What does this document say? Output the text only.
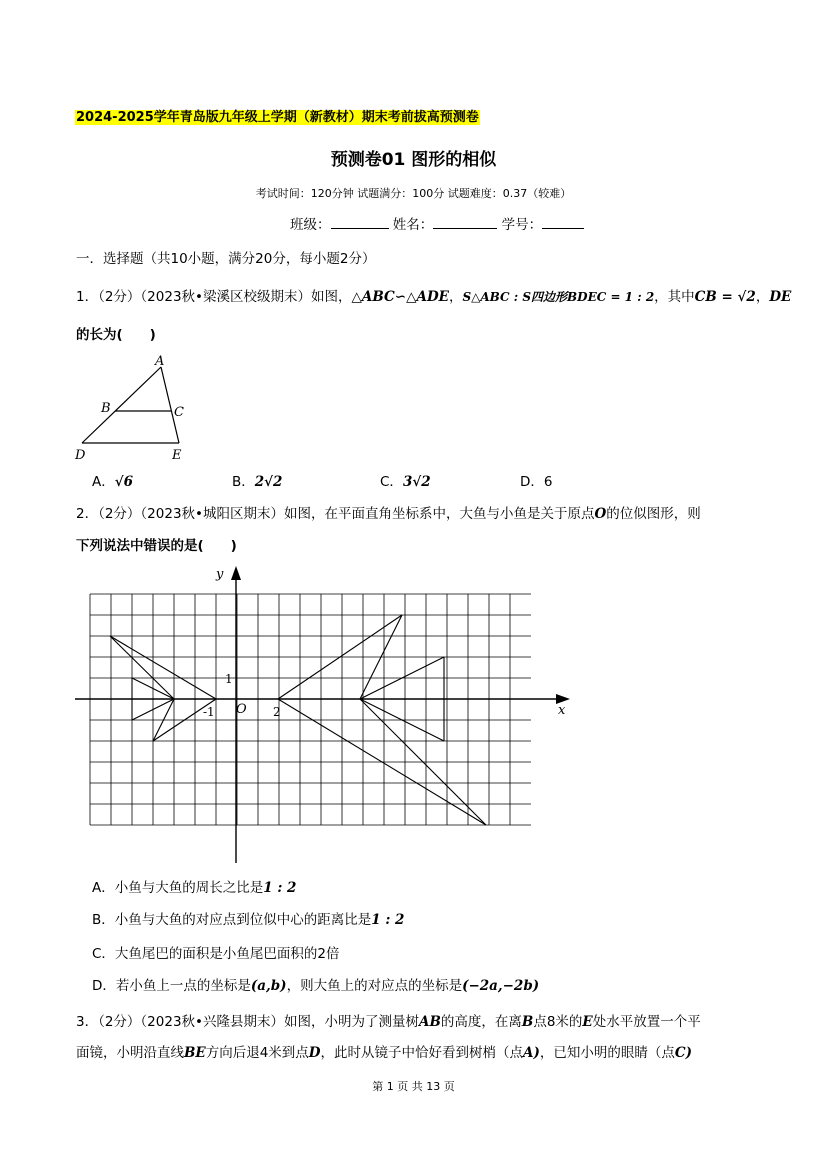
2024-2025学年青岛版九年级上学期（新教材）期末考前拔高预测卷
预测卷01 图形的相似
考试时间：120分钟 试题满分：100分 试题难度：0.37（较难）
班级：	姓名：	学号：
一．选择题（共10小题，满分20分，每小题2分）
1．（2分）（2023秋•梁溪区校级期末）如图，△ABC∽△ADE，S△ABC : S四边形BDEC = 1 : 2，其中CB = √2，DE
的长为(　　)
A
B	C
D	E
A．√6	B．2√2	C．3√2	D．6
2．（2分）（2023秋•城阳区期末）如图，在平面直角坐标系中，大鱼与小鱼是关于原点O的位似图形，则
下列说法中错误的是(　　)
y
x
O
1
-1	2
A．小鱼与大鱼的周长之比是1 : 2
B．小鱼与大鱼的对应点到位似中心的距离比是1 : 2
C．大鱼尾巴的面积是小鱼尾巴面积的2倍
D．若小鱼上一点的坐标是(a,b)，则大鱼上的对应点的坐标是(−2a,−2b)
3．（2分）（2023秋•兴隆县期末）如图，小明为了测量树AB的高度，在离B点8米的E处水平放置一个平
面镜，小明沿直线BE方向后退4米到点D，此时从镜子中恰好看到树梢（点A)，已知小明的眼睛（点C)
第 1 页 共 13 页
